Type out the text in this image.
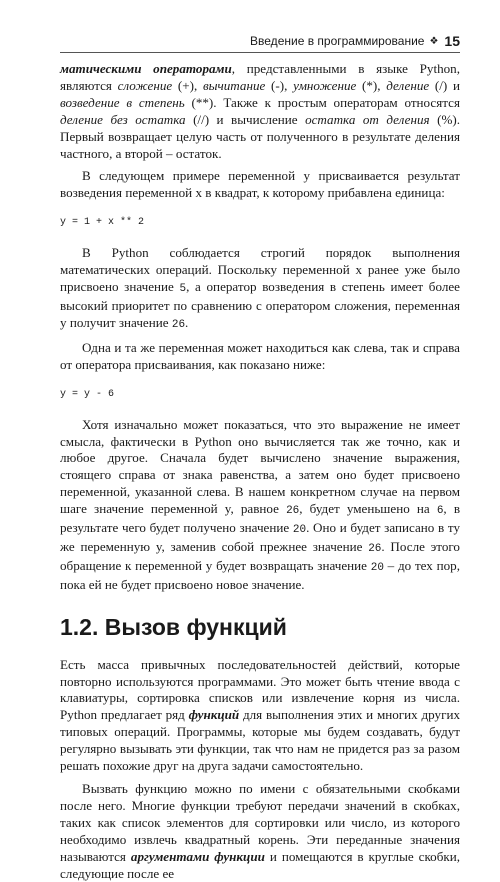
Введение в программирование ❖ 15

матическими операторами, представленными в языке Python, являются сложение (+), вычитание (-), умножение (*), деление (/) и возведение в степень (**). Также к простым операторам относятся деление без остатка (//) и вычисление остатка от деления (%). Первый возвращает целую часть от полученного в результате деления частного, а второй – остаток.

В следующем примере переменной y присваивается результат возведения переменной x в квадрат, к которому прибавлена единица:

y = 1 + x ** 2

В Python соблюдается строгий порядок выполнения математических операций. Поскольку переменной x ранее уже было присвоено значение 5, а оператор возведения в степень имеет более высокий приоритет по сравнению с оператором сложения, переменная y получит значение 26.

Одна и та же переменная может находиться как слева, так и справа от оператора присваивания, как показано ниже:

y = y - 6

Хотя изначально может показаться, что это выражение не имеет смысла, фактически в Python оно вычисляется так же точно, как и любое другое. Сначала будет вычислено значение выражения, стоящего справа от знака равенства, а затем оно будет присвоено переменной, указанной слева. В нашем конкретном случае на первом шаге значение переменной y, равное 26, будет уменьшено на 6, в результате чего будет получено значение 20. Оно и будет записано в ту же переменную y, заменив собой прежнее значение 26. После этого обращение к переменной y будет возвращать значение 20 – до тех пор, пока ей не будет присвоено новое значение.

1.2. Вызов функций

Есть масса привычных последовательностей действий, которые повторно используются программами. Это может быть чтение ввода с клавиатуры, сортировка списков или извлечение корня из числа. Python предлагает ряд функций для выполнения этих и многих других типовых операций. Программы, которые мы будем создавать, будут регулярно вызывать эти функции, так что нам не придется раз за разом решать похожие друг на друга задачи самостоятельно.

Вызвать функцию можно по имени с обязательными скобками после него. Многие функции требуют передачи значений в скобках, таких как список элементов для сортировки или число, из которого необходимо извлечь квадратный корень. Эти переданные значения называются аргументами функции и помещаются в круглые скобки, следующие после ее
